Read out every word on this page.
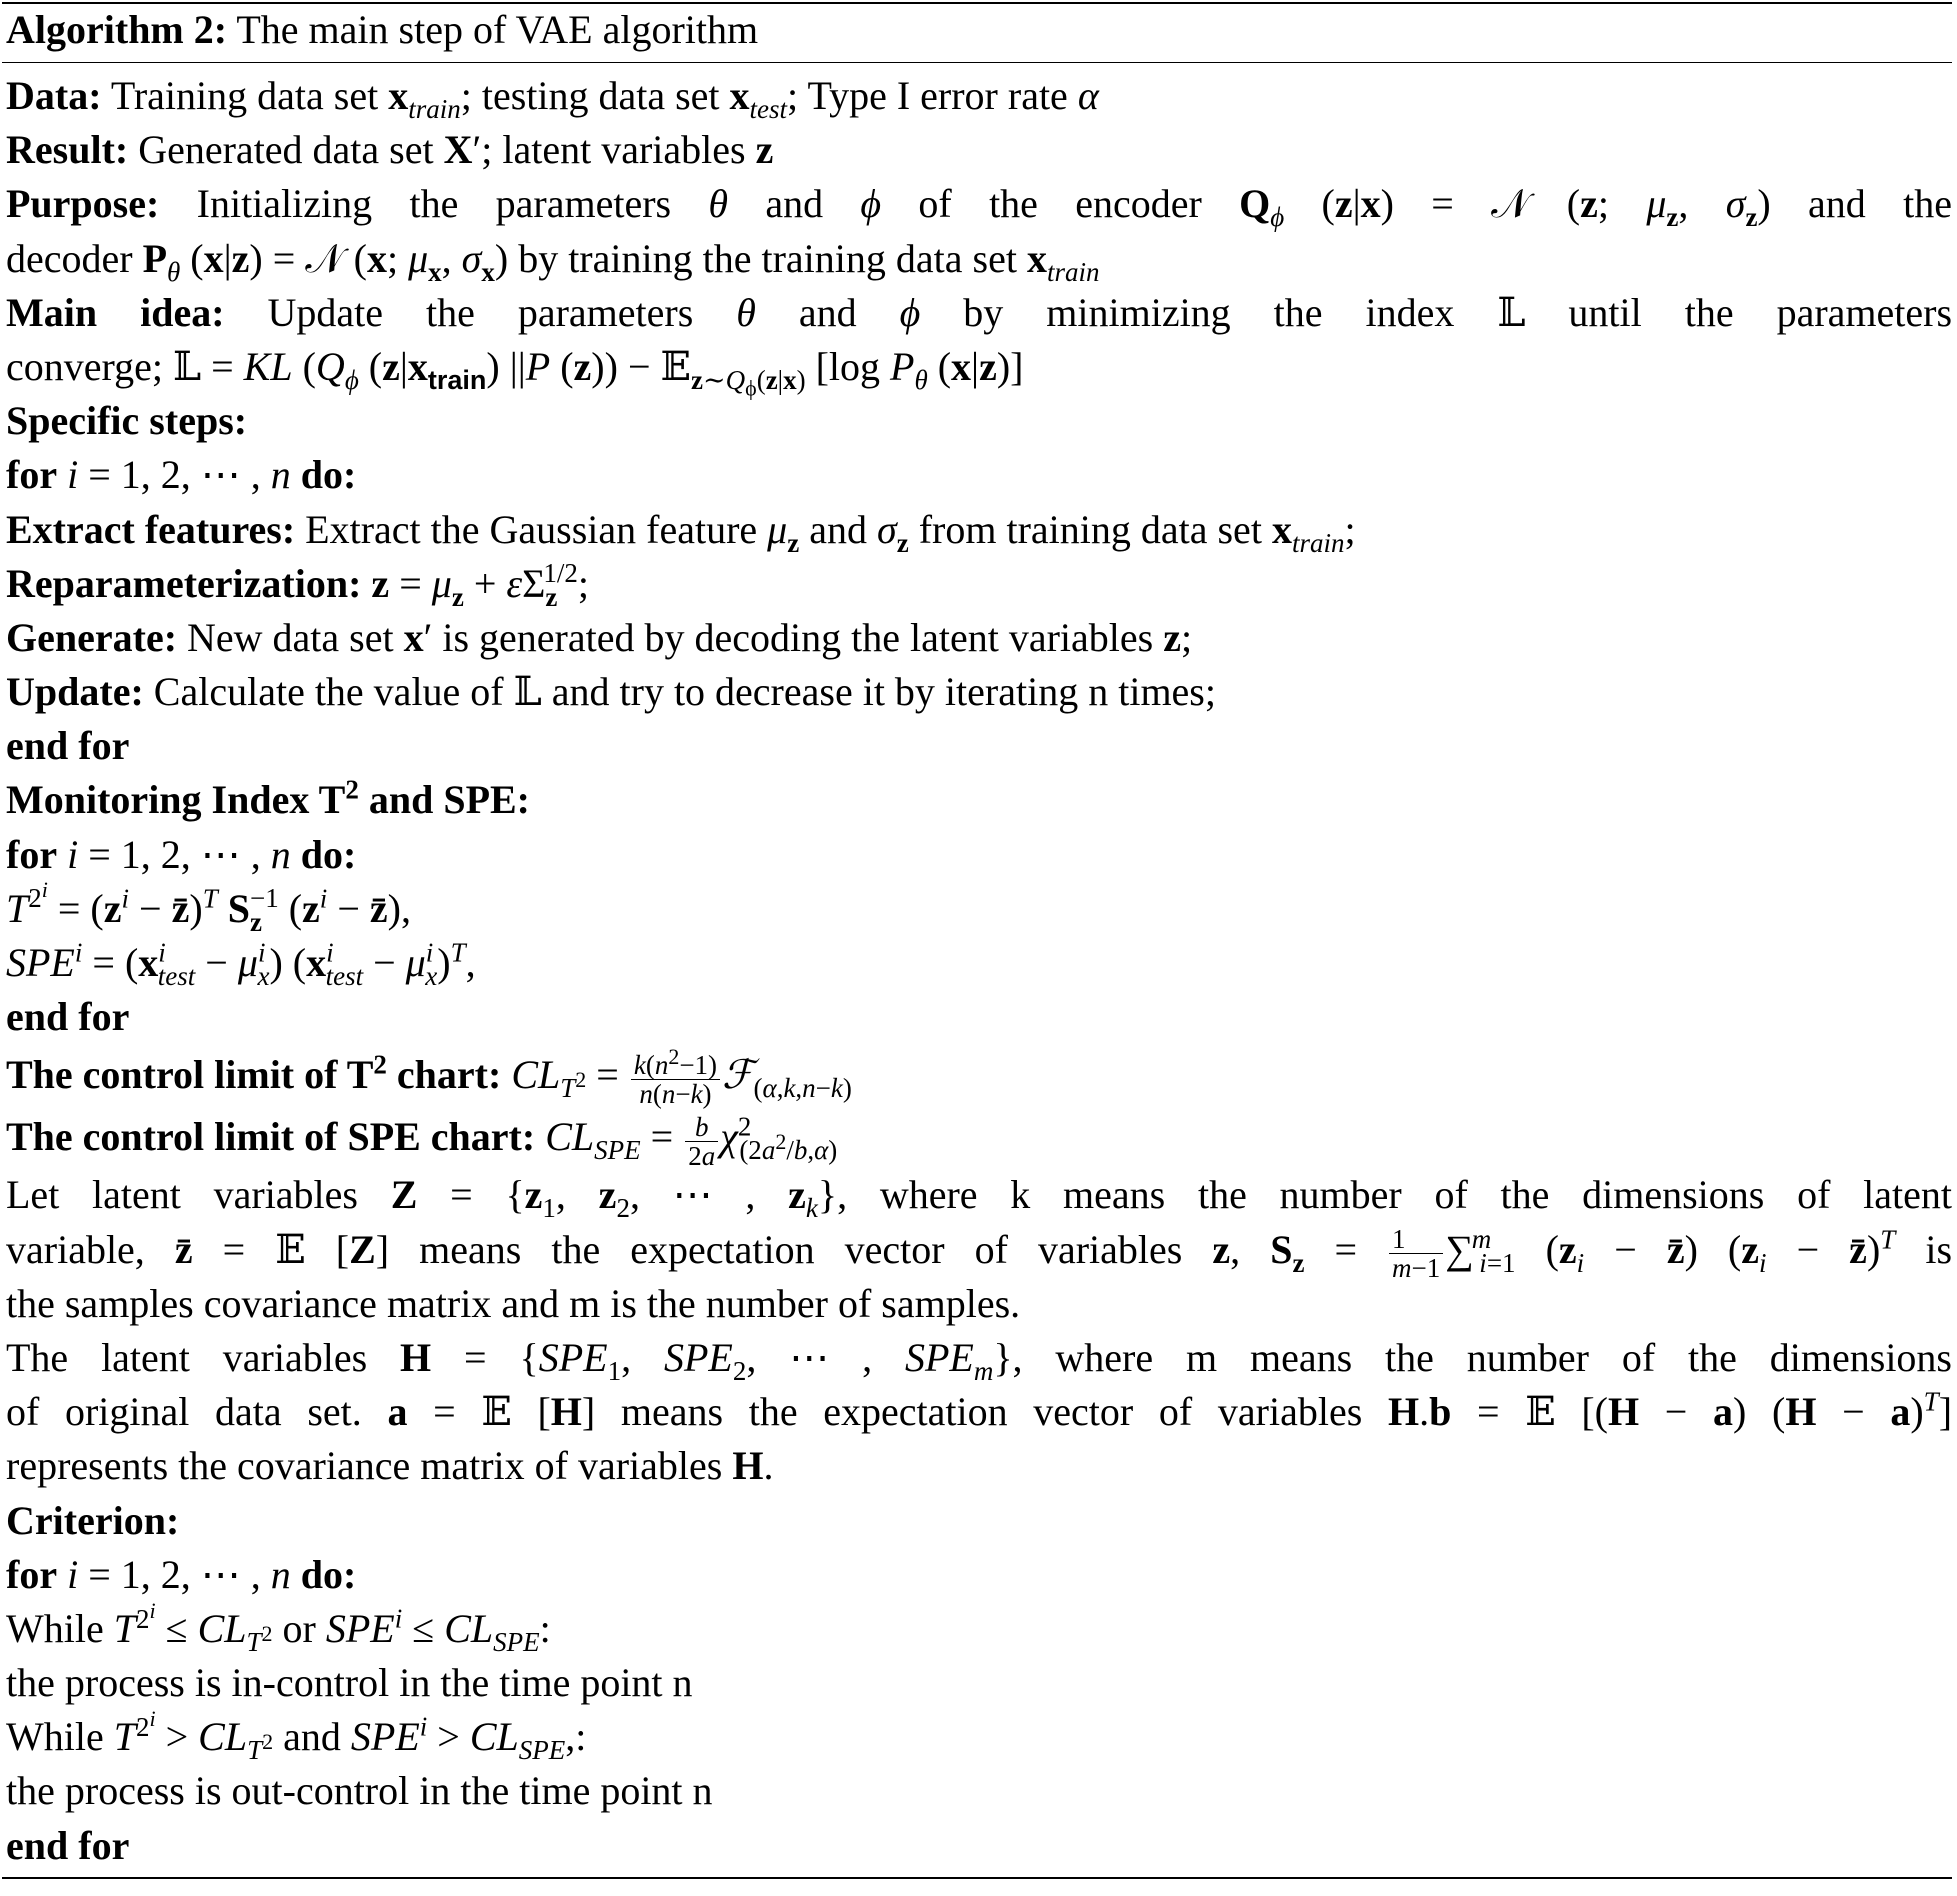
Algorithm 2: The main step of VAE algorithm
Data: Training data set $x_{train}$; testing data set $x_{test}$; Type I error rate α
Result: Generated data set X′; latent variables z
Purpose: Initializing the parameters θ and ϕ of the encoder $Q_\phi$ (z|x) = 𝒩 (z; $\mu_z$, $\sigma_z$) and the
decoder $P_\theta$ (x|z) = 𝒩 (x; $\mu_x$, $\sigma_x$) by training the training data set $x_{train}$
Main idea: Update the parameters θ and ϕ by minimizing the index 𝕃 until the parameters
converge; 𝕃 = KL ($Q_\phi$ $(z|x_{train})$ ||P (z)) − 𝔼$_{z\sim Q_\phi(z|x)}$ [log $P_\theta$ (x|z)]
Specific steps:
for i = 1, 2, ⋯ , n do:
Extract features: Extract the Gaussian feature $\mu_z$ and $\sigma_z$ from training data set $x_{train}$;
Reparameterization: $z = \mu_z + \varepsilon\Sigma_z^{1/2}$;
Generate: New data set x′ is generated by decoding the latent variables z;
Update: Calculate the value of 𝕃 and try to decrease it by iterating n times;
end for
Monitoring Index $T^2$ and SPE:
for i = 1, 2, ⋯ , n do:
$T^{2^i} = (z^i$ − z̄)$^T$ $S_z^{-1}$ ($z^i$ − z̄),
$SPE^i = (x^i_{test} - \mu^i_x) (x^i_{test} - \mu^i_x)^T$,
end for
The control limit of $T^2$ chart: $CL_{T^2} = \frac{k(n^2-1)}{n(n-k)}$ ℱ$_{(\alpha,k,n-k)}$
The control limit of SPE chart: $CL_{SPE} = \frac{b}{2a} \chi^2_{(2a^2/b,\alpha)}$
Let latent variables $Z = \{z_1$, $z_2$, ⋯ , $z_k$}, where k means the number of the dimensions of latent
variable, z̄ = 𝔼 [Z] means the expectation vector of variables z, $S_z = \frac{1}{m-1} \sum^m_{i=1}$ ($z_i$ − z̄) ($z_i$ − z̄)$^T$ is
the samples covariance matrix and m is the number of samples.
The latent variables $H = \{SPE_1$, $SPE_2$, ⋯ , $SPE_m$}, where m means the number of the dimensions
of original data set. a = 𝔼 [H] means the expectation vector of variables H.b = 𝔼 [(H − a) $(H - a)^T$]
represents the covariance matrix of variables H.
Criterion:
for i = 1, 2, ⋯ , n do:
While $T^{2^i} \le CL_{T^2}$ or $SPE^i \le CL_{SPE}$:
the process is in-control in the time point n
While $T^{2^i} > CL_{T^2}$ and $SPE^i > CL_{SPE}$,:
the process is out-control in the time point n
end for
